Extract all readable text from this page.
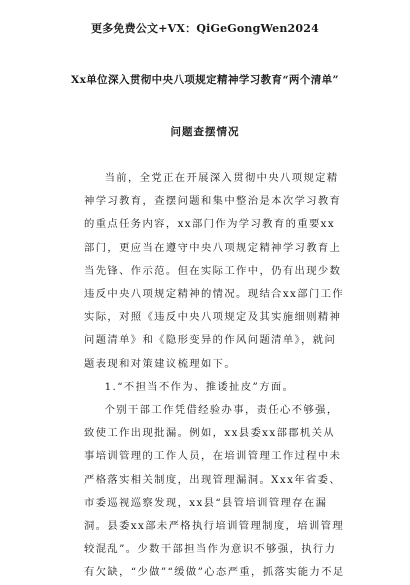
更多免费公文+VX：QiGeGongWen2024
Xx单位深入贯彻中央八项规定精神学习教育“两个清单”
问题查摆情况

当前，全党正在开展深入贯彻中央八项规定精神学习教育，查摆问题和集中整治是本次学习教育的重点任务内容，xx部门作为学习教育的重要xx部门，更应当在遵守中央八项规定精神学习教育上当先锋、作示范。但在实际工作中，仍有出现少数违反中央八项规定精神的情况。现结合xx部门工作实际，对照《违反中央八项规定及其实施细则精神问题清单》和《隐形变异的作风问题清单》，就问题表现和对策建议梳理如下。

1.“不担当不作为、推诿扯皮”方面。

个别干部工作凭借经验办事，责任心不够强，致使工作出现批漏。例如，xx县委xx部郡机关从事培训管理的工作人员，在培训管理工作过程中未严格落实相关制度，出现管理漏洞。Xxx年省委、市委巡视巡察发现，xx县“县管培训管理存在漏洞。县委xx部未严格执行培训管理制度，培训管理较混乱”。少数干部担当作为意识不够强，执行力有欠缺，“少做”“缓做”心态严重，抓落实能力不足
